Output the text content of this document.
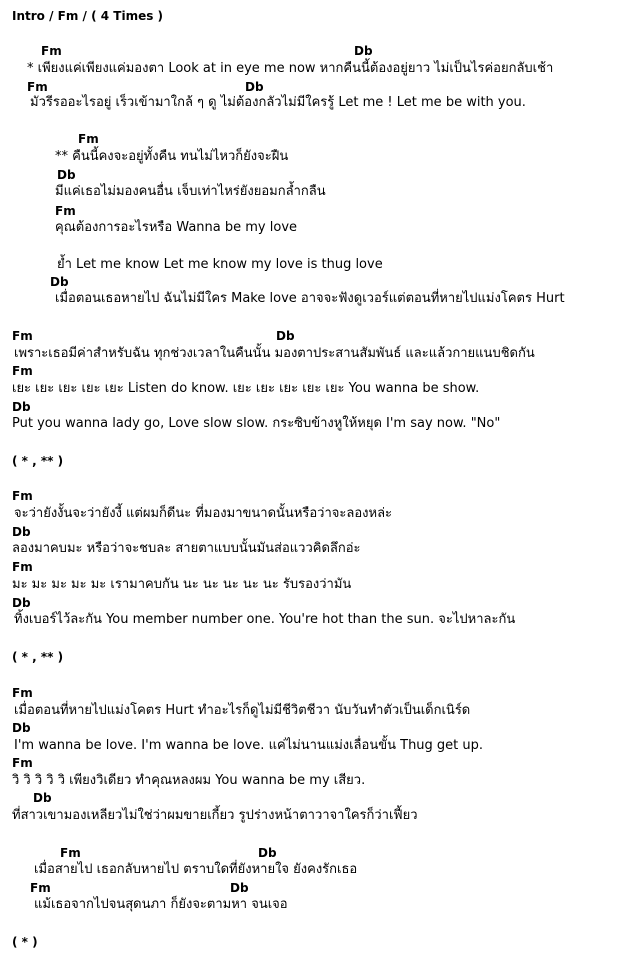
Intro / Fm / ( 4 Times )
Fm	Db
* เพียงแค่เพียงแค่มองตา Look at in eye me now หากคืนนี้ต้องอยู่ยาว ไม่เป็นไรค่อยกลับเช้า
Fm	Db
มัวรีรออะไรอยู่ เร็วเข้ามาใกล้ ๆ ดู ไม่ต้องกลัวไม่มีใครรู้ Let me ! Let me be with you.
Fm
** คืนนี้คงจะอยู่ทั้งคืน ทนไม่ไหวก็ยังจะฝืน
Db
มีแค่เธอไม่มองคนอื่น เจ็บเท่าไหร่ยังยอมกล้ำกลืน
Fm
คุณต้องการอะไรหรือ Wanna be my love
ย้ำ Let me know Let me know my love is thug love
Db
เมื่อตอนเธอหายไป ฉันไม่มีใคร Make love อาจจะฟังดูเวอร์แต่ตอนที่หายไปแม่งโคตร Hurt
Fm	Db
เพราะเธอมีค่าสำหรับฉัน ทุกช่วงเวลาในคืนนั้น มองตาประสานสัมพันธ์ และแล้วกายแนบชิดกัน
Fm
เยะ เยะ เยะ เยะ เยะ Listen do know. เยะ เยะ เยะ เยะ เยะ You wanna be show.
Db
Put you wanna lady go, Love slow slow. กระซิบข้างหูให้หยุด I'm say now. "No"
( * , ** )
Fm
จะว่ายังงั้นจะว่ายังงี้ แต่ผมก็ดีนะ ที่มองมาขนาดนั้นหรือว่าจะลองหล่ะ
Db
ลองมาคบมะ หรือว่าจะชบละ สายตาแบบนั้นมันส่อแววคิดลึกอ่ะ
Fm
มะ มะ มะ มะ มะ เรามาคบกัน นะ นะ นะ นะ นะ รับรองว่ามัน
Db
ทิ้งเบอร์ไว้ละกัน You member number one. You're hot than the sun. จะไปหาละกัน
( * , ** )
Fm
เมื่อตอนที่หายไปแม่งโคตร Hurt ทำอะไรก็ดูไม่มีชีวิตชีวา นับวันทำตัวเป็นเด็กเนิร์ด
Db
I'm wanna be love. I'm wanna be love. แค่ไม่นานแม่งเลื่อนขั้น Thug get up.
Fm
วิ วิ วิ วิ วิ เพียงวิเดียว ทำคุณหลงผม You wanna be my เสียว.
Db
ที่สาวเขามองเหลียวไม่ใช่ว่าผมขายเกี้ยว รูปร่างหน้าตาวาจาใครก็ว่าเฟี้ยว
Fm	Db
เมื่อสายไป เธอกลับหายไป ตราบใดที่ยังหายใจ ยังคงรักเธอ
Fm	Db
แม้เธอจากไปจนสุดนภา ก็ยังจะตามหา จนเจอ
( * )
